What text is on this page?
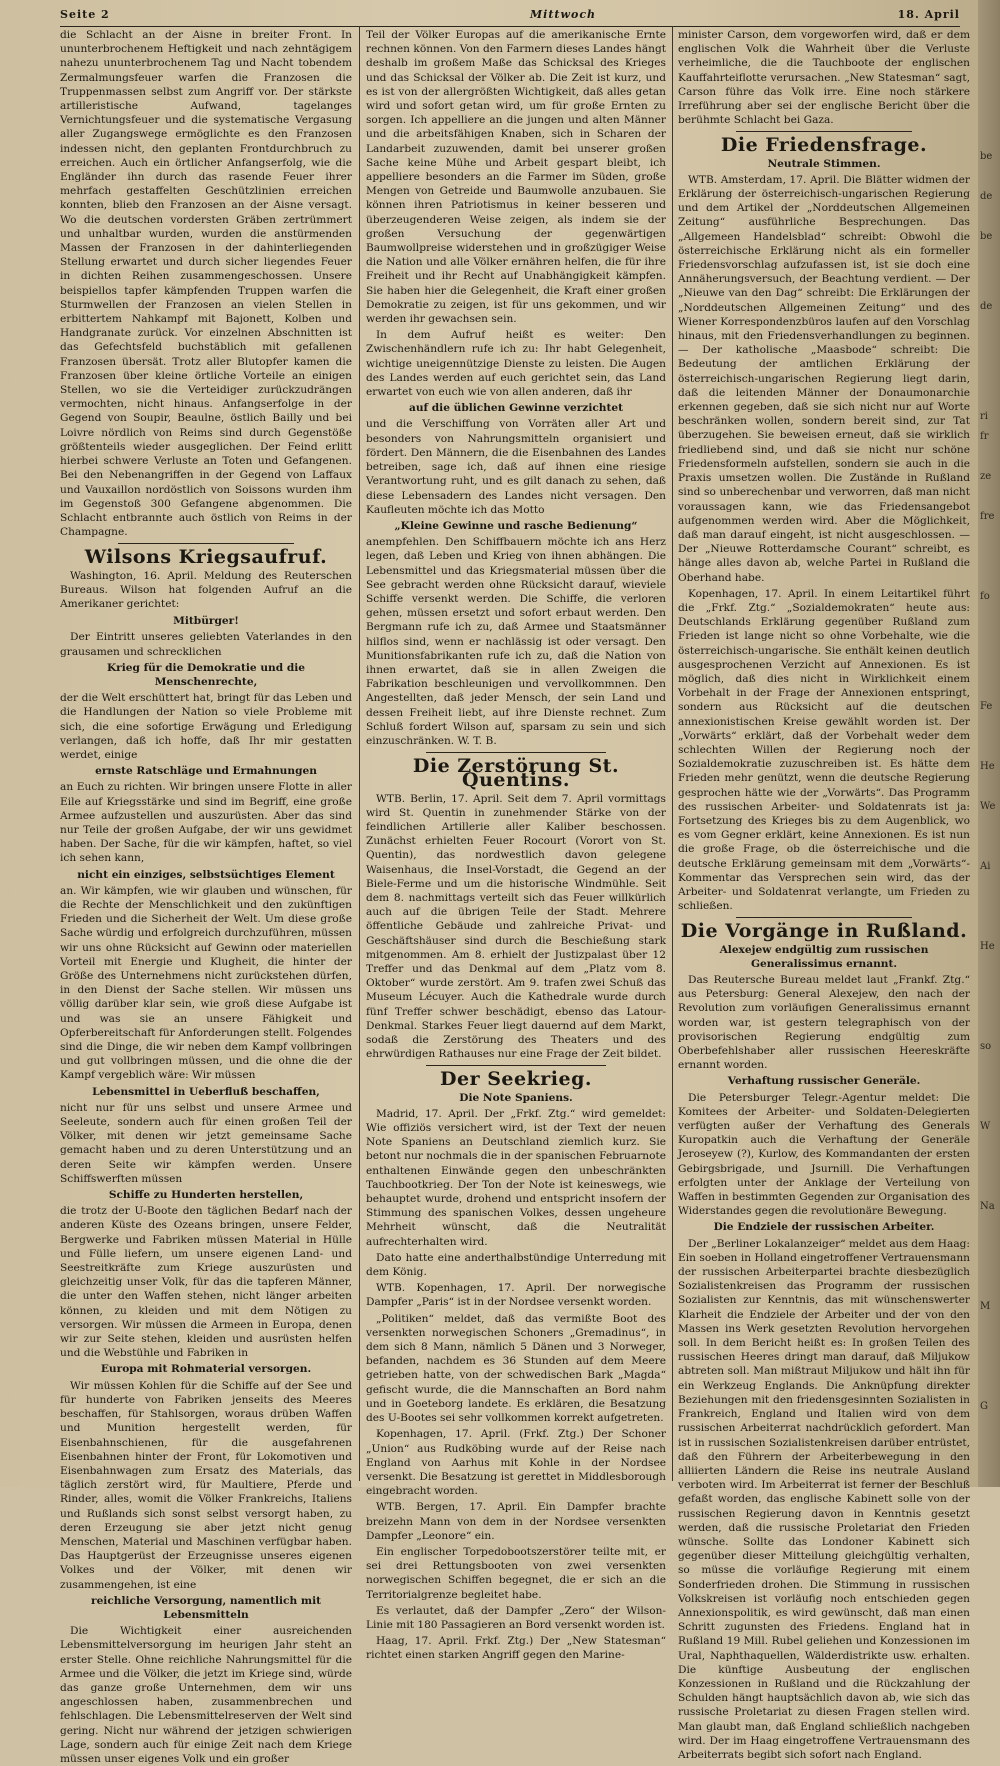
Seite 2	Mittwoch	18. April

die Schlacht an der Aisne in breiter Front. In ununterbrochenem Heftigkeit und nach zehntägigem nahezu ununterbrochenem Tag und Nacht tobendem Zermalmungsfeuer warfen die Franzosen die Truppenmassen selbst zum Angriff vor. Der stärkste artilleristische Aufwand, tagelanges Vernichtungsfeuer und die systematische Vergasung aller Zugangswege ermöglichte es den Franzosen indessen nicht, den geplanten Frontdurchbruch zu erreichen. Auch ein örtlicher Anfangserfolg, wie die Engländer ihn durch das rasende Feuer ihrer mehrfach gestaffelten Geschützlinien erreichen konnten, blieb den Franzosen an der Aisne versagt. Wo die deutschen vordersten Gräben zertrümmert und unhaltbar wurden, wurden die anstürmenden Massen der Franzosen in der dahinterliegenden Stellung erwartet und durch sicher liegendes Feuer in dichten Reihen zusammengeschossen. Unsere beispiellos tapfer kämpfenden Truppen warfen die Sturmwellen der Franzosen an vielen Stellen in erbittertem Nahkampf mit Bajonett, Kolben und Handgranate zurück. Vor einzelnen Abschnitten ist das Gefechtsfeld buchstäblich mit gefallenen Franzosen übersät. Trotz aller Blutopfer kamen die Franzosen über kleine örtliche Vorteile an einigen Stellen, wo sie die Verteidiger zurückzudrängen vermochten, nicht hinaus. Anfangserfolge in der Gegend von Soupir, Beaulne, östlich Bailly und bei Loivre nördlich von Reims sind durch Gegenstöße größtenteils wieder ausgeglichen. Der Feind erlitt hierbei schwere Verluste an Toten und Gefangenen. Bei den Nebenangriffen in der Gegend von Laffaux und Vauxaillon nordöstlich von Soissons wurden ihm im Gegenstoß 300 Gefangene abgenommen. Die Schlacht entbrannte auch östlich von Reims in der Champagne.

Wilsons Kriegsaufruf.

Washington, 16. April. Meldung des Reuterschen Bureaus. Wilson hat folgenden Aufruf an die Amerikaner gerichtet:

Mitbürger!

Der Eintritt unseres geliebten Vaterlandes in den grausamen und schrecklichen

Krieg für die Demokratie und die Menschenrechte,

der die Welt erschüttert hat, bringt für das Leben und die Handlungen der Nation so viele Probleme mit sich, die eine sofortige Erwägung und Erledigung verlangen, daß ich hoffe, daß Ihr mir gestatten werdet, einige

ernste Ratschläge und Ermahnungen

an Euch zu richten. Wir bringen unsere Flotte in aller Eile auf Kriegsstärke und sind im Begriff, eine große Armee aufzustellen und auszurüsten. Aber das sind nur Teile der großen Aufgabe, der wir uns gewidmet haben. Der Sache, für die wir kämpfen, haftet, so viel ich sehen kann,

nicht ein einziges, selbstsüchtiges Element

an. Wir kämpfen, wie wir glauben und wünschen, für die Rechte der Menschlichkeit und den zukünftigen Frieden und die Sicherheit der Welt. Um diese große Sache würdig und erfolgreich durchzuführen, müssen wir uns ohne Rücksicht auf Gewinn oder materiellen Vorteil mit Energie und Klugheit, die hinter der Größe des Unternehmens nicht zurückstehen dürfen, in den Dienst der Sache stellen. Wir müssen uns völlig darüber klar sein, wie groß diese Aufgabe ist und was sie an unsere Fähigkeit und Opferbereitschaft für Anforderungen stellt. Folgendes sind die Dinge, die wir neben dem Kampf vollbringen und gut vollbringen müssen, und die ohne die der Kampf vergeblich wäre: Wir müssen

Lebensmittel in Ueberfluß beschaffen,

nicht nur für uns selbst und unsere Armee und Seeleute, sondern auch für einen großen Teil der Völker, mit denen wir jetzt gemeinsame Sache gemacht haben und zu deren Unterstützung und an deren Seite wir kämpfen werden. Unsere Schiffswerften müssen

Schiffe zu Hunderten herstellen,

die trotz der U-Boote den täglichen Bedarf nach der anderen Küste des Ozeans bringen, unsere Felder, Bergwerke und Fabriken müssen Material in Hülle und Fülle liefern, um unsere eigenen Land- und Seestreitkräfte zum Kriege auszurüsten und gleichzeitig unser Volk, für das die tapferen Männer, die unter den Waffen stehen, nicht länger arbeiten können, zu kleiden und mit dem Nötigen zu versorgen. Wir müssen die Armeen in Europa, denen wir zur Seite stehen, kleiden und ausrüsten helfen und die Webstühle und Fabriken in

Europa mit Rohmaterial versorgen.

Wir müssen Kohlen für die Schiffe auf der See und für hunderte von Fabriken jenseits des Meeres beschaffen, für Stahlsorgen, woraus drüben Waffen und Munition hergestellt werden, für Eisenbahnschienen, für die ausgefahrenen Eisenbahnen hinter der Front, für Lokomotiven und Eisenbahnwagen zum Ersatz des Materials, das täglich zerstört wird, für Maultiere, Pferde und Rinder, alles, womit die Völker Frankreichs, Italiens und Rußlands sich sonst selbst versorgt haben, zu deren Erzeugung sie aber jetzt nicht genug Menschen, Material und Maschinen verfügbar haben. Das Hauptgerüst der Erzeugnisse unseres eigenen Volkes und der Völker, mit denen wir zusammengehen, ist eine

reichliche Versorgung, namentlich mit Lebensmitteln

Die Wichtigkeit einer ausreichenden Lebensmittelversorgung im heurigen Jahr steht an erster Stelle. Ohne reichliche Nahrungsmittel für die Armee und die Völker, die jetzt im Kriege sind, würde das ganze große Unternehmen, dem wir uns angeschlossen haben, zusammenbrechen und fehlschlagen. Die Lebensmittelreserven der Welt sind gering. Nicht nur während der jetzigen schwierigen Lage, sondern auch für einige Zeit nach dem Kriege müssen unser eigenes Volk und ein großer

Teil der Völker Europas auf die amerikanische Ernte rechnen können. Von den Farmern dieses Landes hängt deshalb im großem Maße das Schicksal des Krieges und das Schicksal der Völker ab. Die Zeit ist kurz, und es ist von der allergrößten Wichtigkeit, daß alles getan wird und sofort getan wird, um für große Ernten zu sorgen. Ich appelliere an die jungen und alten Männer und die arbeitsfähigen Knaben, sich in Scharen der Landarbeit zuzuwenden, damit bei unserer großen Sache keine Mühe und Arbeit gespart bleibt, ich appelliere besonders an die Farmer im Süden, große Mengen von Getreide und Baumwolle anzubauen. Sie können ihren Patriotismus in keiner besseren und überzeugenderen Weise zeigen, als indem sie der großen Versuchung der gegenwärtigen Baumwollpreise widerstehen und in großzügiger Weise die Nation und alle Völker ernähren helfen, die für ihre Freiheit und ihr Recht auf Unabhängigkeit kämpfen. Sie haben hier die Gelegenheit, die Kraft einer großen Demokratie zu zeigen, ist für uns gekommen, und wir werden ihr gewachsen sein.

In dem Aufruf heißt es weiter: Den Zwischenhändlern rufe ich zu: Ihr habt Gelegenheit, wichtige uneigennützige Dienste zu leisten. Die Augen des Landes werden auf euch gerichtet sein, das Land erwartet von euch wie von allen anderen, daß ihr

auf die üblichen Gewinne verzichtet

und die Verschiffung von Vorräten aller Art und besonders von Nahrungsmitteln organisiert und fördert. Den Männern, die die Eisenbahnen des Landes betreiben, sage ich, daß auf ihnen eine riesige Verantwortung ruht, und es gilt danach zu sehen, daß diese Lebensadern des Landes nicht versagen. Den Kaufleuten möchte ich das Motto

„Kleine Gewinne und rasche Bedienung“

anempfehlen. Den Schiffbauern möchte ich ans Herz legen, daß Leben und Krieg von ihnen abhängen. Die Lebensmittel und das Kriegsmaterial müssen über die See gebracht werden ohne Rücksicht darauf, wieviele Schiffe versenkt werden. Die Schiffe, die verloren gehen, müssen ersetzt und sofort erbaut werden. Den Bergmann rufe ich zu, daß Armee und Staatsmänner hilflos sind, wenn er nachlässig ist oder versagt. Den Munitionsfabrikanten rufe ich zu, daß die Nation von ihnen erwartet, daß sie in allen Zweigen die Fabrikation beschleunigen und vervollkommnen. Den Angestellten, daß jeder Mensch, der sein Land und dessen Freiheit liebt, auf ihre Dienste rechnet. Zum Schluß fordert Wilson auf, sparsam zu sein und sich einzuschränken. W. T. B.

Die Zerstörung St. Quentins.

WTB. Berlin, 17. April. Seit dem 7. April vormittags wird St. Quentin in zunehmender Stärke von der feindlichen Artillerie aller Kaliber beschossen. Zunächst erhielten Feuer Rocourt (Vorort von St. Quentin), das nordwestlich davon gelegene Waisenhaus, die Insel-Vorstadt, die Gegend an der Biele-Ferme und um die historische Windmühle. Seit dem 8. nachmittags verteilt sich das Feuer willkürlich auch auf die übrigen Teile der Stadt. Mehrere öffentliche Gebäude und zahlreiche Privat- und Geschäftshäuser sind durch die Beschießung stark mitgenommen. Am 8. erhielt der Justizpalast über 12 Treffer und das Denkmal auf dem „Platz vom 8. Oktober“ wurde zerstört. Am 9. trafen zwei Schuß das Museum Lécuyer. Auch die Kathedrale wurde durch fünf Treffer schwer beschädigt, ebenso das Latour-Denkmal. Starkes Feuer liegt dauernd auf dem Markt, sodaß die Zerstörung des Theaters und des ehrwürdigen Rathauses nur eine Frage der Zeit bildet.

Der Seekrieg.
Die Note Spaniens.

Madrid, 17. April. Der „Frkf. Ztg.“ wird gemeldet: Wie offiziös versichert wird, ist der Text der neuen Note Spaniens an Deutschland ziemlich kurz. Sie betont nur nochmals die in der spanischen Februarnote enthaltenen Einwände gegen den unbeschränkten Tauchbootkrieg. Der Ton der Note ist keineswegs, wie behauptet wurde, drohend und entspricht insofern der Stimmung des spanischen Volkes, dessen ungeheure Mehrheit wünscht, daß die Neutralität aufrechterhalten wird.

Dato hatte eine anderthalbstündige Unterredung mit dem König.

WTB. Kopenhagen, 17. April. Der norwegische Dampfer „Paris“ ist in der Nordsee versenkt worden.

„Politiken“ meldet, daß das vermißte Boot des versenkten norwegischen Schoners „Gremadinus“, in dem sich 8 Mann, nämlich 5 Dänen und 3 Norweger, befanden, nachdem es 36 Stunden auf dem Meere getrieben hatte, von der schwedischen Bark „Magda“ gefischt wurde, die die Mannschaften an Bord nahm und in Goeteborg landete. Es erklären, die Besatzung des U-Bootes sei sehr vollkommen korrekt aufgetreten.

Kopenhagen, 17. April. (Frkf. Ztg.) Der Schoner „Union“ aus Rudköbing wurde auf der Reise nach England von Aarhus mit Kohle in der Nordsee versenkt. Die Besatzung ist gerettet in Middlesborough eingebracht worden.

WTB. Bergen, 17. April. Ein Dampfer brachte breizehn Mann von dem in der Nordsee versenkten Dampfer „Leonore“ ein.

Ein englischer Torpedobootszerstörer teilte mit, er sei drei Rettungsbooten von zwei versenkten norwegischen Schiffen begegnet, die er sich an die Territorialgrenze begleitet habe.

Es verlautet, daß der Dampfer „Zero“ der Wilson-Linie mit 180 Passagieren an Bord versenkt worden ist.

Haag, 17. April. Frkf. Ztg.) Der „New Statesman“ richtet einen starken Angriff gegen den Marine-

minister Carson, dem vorgeworfen wird, daß er dem englischen Volk die Wahrheit über die Verluste verheimliche, die die Tauchboote der englischen Kauffahrteiflotte verursachen. „New Statesman“ sagt, Carson führe das Volk irre. Eine noch stärkere Irreführung aber sei der englische Bericht über die berühmte Schlacht bei Gaza.

Die Friedensfrage.
Neutrale Stimmen.

WTB. Amsterdam, 17. April. Die Blätter widmen der Erklärung der österreichisch-ungarischen Regierung und dem Artikel der „Norddeutschen Allgemeinen Zeitung“ ausführliche Besprechungen. Das „Allgemeen Handelsblad“ schreibt: Obwohl die österreichische Erklärung nicht als ein formeller Friedensvorschlag aufzufassen ist, ist sie doch eine Annäherungsversuch, der Beachtung verdient. — Der „Nieuwe van den Dag“ schreibt: Die Erklärungen der „Norddeutschen Allgemeinen Zeitung“ und des Wiener Korrespondenzbüros laufen auf den Vorschlag hinaus, mit den Friedensverhandlungen zu beginnen. — Der katholische „Maasbode“ schreibt: Die Bedeutung der amtlichen Erklärung der österreichisch-ungarischen Regierung liegt darin, daß die leitenden Männer der Donaumonarchie erkennen gegeben, daß sie sich nicht nur auf Worte beschränken wollen, sondern bereit sind, zur Tat überzugehen. Sie beweisen erneut, daß sie wirklich friedliebend sind, und daß sie nicht nur schöne Friedensformeln aufstellen, sondern sie auch in die Praxis umsetzen wollen. Die Zustände in Rußland sind so unberechenbar und verworren, daß man nicht voraussagen kann, wie das Friedensangebot aufgenommen werden wird. Aber die Möglichkeit, daß man darauf eingeht, ist nicht ausgeschlossen. — Der „Nieuwe Rotterdamsche Courant“ schreibt, es hänge alles davon ab, welche Partei in Rußland die Oberhand habe.

Kopenhagen, 17. April. In einem Leitartikel führt die „Frkf. Ztg.“ „Sozialdemokraten“ heute aus: Deutschlands Erklärung gegenüber Rußland zum Frieden ist lange nicht so ohne Vorbehalte, wie die österreichisch-ungarische. Sie enthält keinen deutlich ausgesprochenen Verzicht auf Annexionen. Es ist möglich, daß dies nicht in Wirklichkeit einem Vorbehalt in der Frage der Annexionen entspringt, sondern aus Rücksicht auf die deutschen annexionistischen Kreise gewählt worden ist. Der „Vorwärts“ erklärt, daß der Vorbehalt weder dem schlechten Willen der Regierung noch der Sozialdemokratie zuzuschreiben ist. Es hätte dem Frieden mehr genützt, wenn die deutsche Regierung gesprochen hätte wie der „Vorwärts“. Das Programm des russischen Arbeiter- und Soldatenrats ist ja: Fortsetzung des Krieges bis zu dem Augenblick, wo es vom Gegner erklärt, keine Annexionen. Es ist nun die große Frage, ob die österreichische und die deutsche Erklärung gemeinsam mit dem „Vorwärts“-Kommentar das Versprechen sein wird, das der Arbeiter- und Soldatenrat verlangte, um Frieden zu schließen.

Die Vorgänge in Rußland.
Alexejew endgültig zum russischen Generalissimus ernannt.

Das Reutersche Bureau meldet laut „Frankf. Ztg.“ aus Petersburg: General Alexejew, den nach der Revolution zum vorläufigen Generalissimus ernannt worden war, ist gestern telegraphisch von der provisorischen Regierung endgültig zum Oberbefehlshaber aller russischen Heereskräfte ernannt worden.

Verhaftung russischer Generäle.

Die Petersburger Telegr.-Agentur meldet: Die Komitees der Arbeiter- und Soldaten-Delegierten verfügten außer der Verhaftung des Generals Kuropatkin auch die Verhaftung der Generäle Jeroseyew (?), Kurlow, des Kommandanten der ersten Gebirgsbrigade, und Jsurnill. Die Verhaftungen erfolgten unter der Anklage der Verteilung von Waffen in bestimmten Gegenden zur Organisation des Widerstandes gegen die revolutionäre Bewegung.

Die Endziele der russischen Arbeiter.

Der „Berliner Lokalanzeiger“ meldet aus dem Haag: Ein soeben in Holland eingetroffener Vertrauensmann der russischen Arbeiterpartei brachte diesbezüglich Sozialistenkreisen das Programm der russischen Sozialisten zur Kenntnis, das mit wünschenswerter Klarheit die Endziele der Arbeiter und der von den Massen ins Werk gesetzten Revolution hervorgehen soll. In dem Bericht heißt es: In großen Teilen des russischen Heeres dringt man darauf, daß Miljukow abtreten soll. Man mißtraut Miljukow und hält ihn für ein Werkzeug Englands. Die Anknüpfung direkter Beziehungen mit den friedensgesinnten Sozialisten in Frankreich, England und Italien wird von dem russischen Arbeiterrat nachdrücklich gefordert. Man ist in russischen Sozialistenkreisen darüber entrüstet, daß den Führern der Arbeiterbewegung in den alliierten Ländern die Reise ins neutrale Ausland verboten wird. Im Arbeiterrat ist ferner der Beschluß gefaßt worden, das englische Kabinett solle von der russischen Regierung davon in Kenntnis gesetzt werden, daß die russische Proletariat den Frieden wünsche. Sollte das Londoner Kabinett sich gegenüber dieser Mitteilung gleichgültig verhalten, so müsse die vorläufige Regierung mit einem Sonderfrieden drohen. Die Stimmung in russischen Volkskreisen ist vorläufig noch entschieden gegen Annexionspolitik, es wird gewünscht, daß man einen Schritt zugunsten des Friedens. England hat in Rußland 19 Mill. Rubel geliehen und Konzessionen im Ural, Naphthaquellen, Wälderdistrikte usw. erhalten. Die künftige Ausbeutung der englischen Konzessionen in Rußland und die Rückzahlung der Schulden hängt hauptsächlich davon ab, wie sich das russische Proletariat zu diesen Fragen stellen wird. Man glaubt man, daß England schließlich nachgeben wird. Der im Haag eingetroffene Vertrauensmann des Arbeiterrats begibt sich sofort nach England.

be
de
be
de
ri
fr
ze
fre
fo
Fe
He
We
Ai
He
so
W
Na
M
G
